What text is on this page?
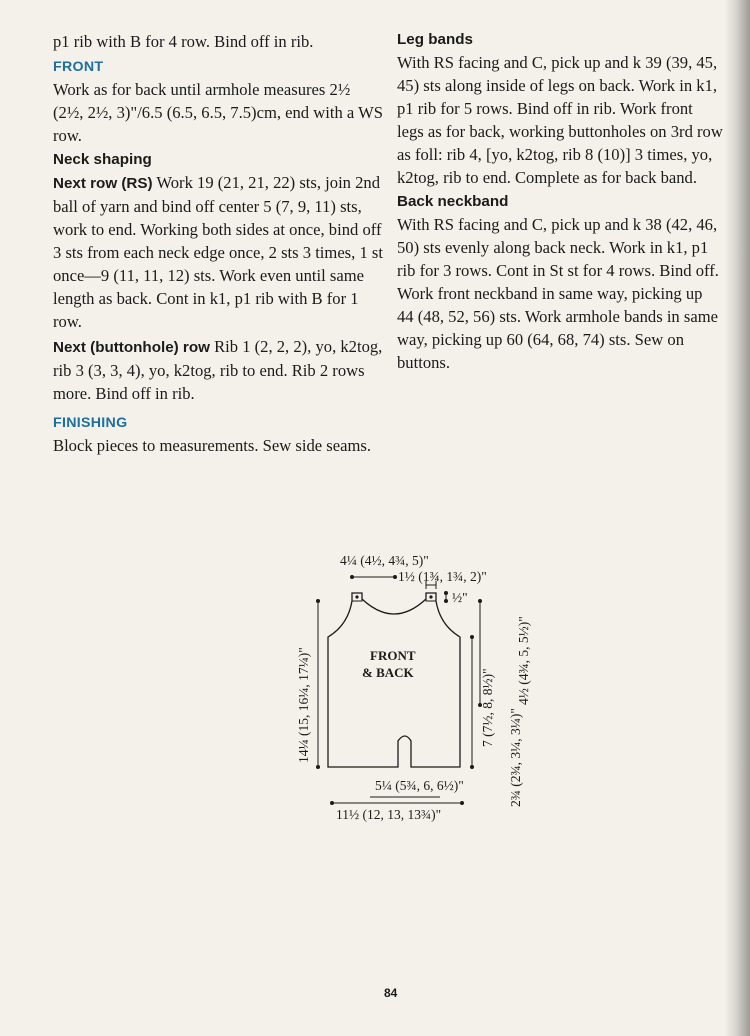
p1 rib with B for 4 row. Bind off in rib.

FRONT

Work as for back until armhole measures 2½ (2½, 2½, 3)"/6.5 (6.5, 6.5, 7.5)cm, end with a WS row.

Neck shaping

Next row (RS) Work 19 (21, 21, 22) sts, join 2nd ball of yarn and bind off center 5 (7, 9, 11) sts, work to end. Working both sides at once, bind off 3 sts from each neck edge once, 2 sts 3 times, 1 st once—9 (11, 11, 12) sts. Work even until same length as back. Cont in k1, p1 rib with B for 1 row.

Next (buttonhole) row Rib 1 (2, 2, 2), yo, k2tog, rib 3 (3, 3, 4), yo, k2tog, rib to end. Rib 2 rows more. Bind off in rib.

FINISHING

Block pieces to measurements. Sew side seams.

Leg bands

With RS facing and C, pick up and k 39 (39, 45, 45) sts along inside of legs on back. Work in k1, p1 rib for 5 rows. Bind off in rib. Work front legs as for back, working buttonholes on 3rd row as foll: rib 4, [yo, k2tog, rib 8 (10)] 3 times, yo, k2tog, rib to end. Complete as for back band.

Back neckband

With RS facing and C, pick up and k 38 (42, 46, 50) sts evenly along back neck. Work in k1, p1 rib for 3 rows. Cont in St st for 4 rows. Bind off. Work front neckband in same way, picking up 44 (48, 52, 56) sts. Work armhole bands in same way, picking up 60 (64, 68, 74) sts. Sew on buttons.

FRONT
& BACK
4¼ (4½, 4¾, 5)"
1½ (1¾, 1¾, 2)"
½"
4½ (4¾, 5, 5½)"
7 (7½, 8, 8½)"
14¼ (15, 16¼, 17¼)"	2¾ (2¾, 3¼, 3¼)"
5¼ (5¾, 6, 6½)"
11½ (12, 13, 13¾)"
84
